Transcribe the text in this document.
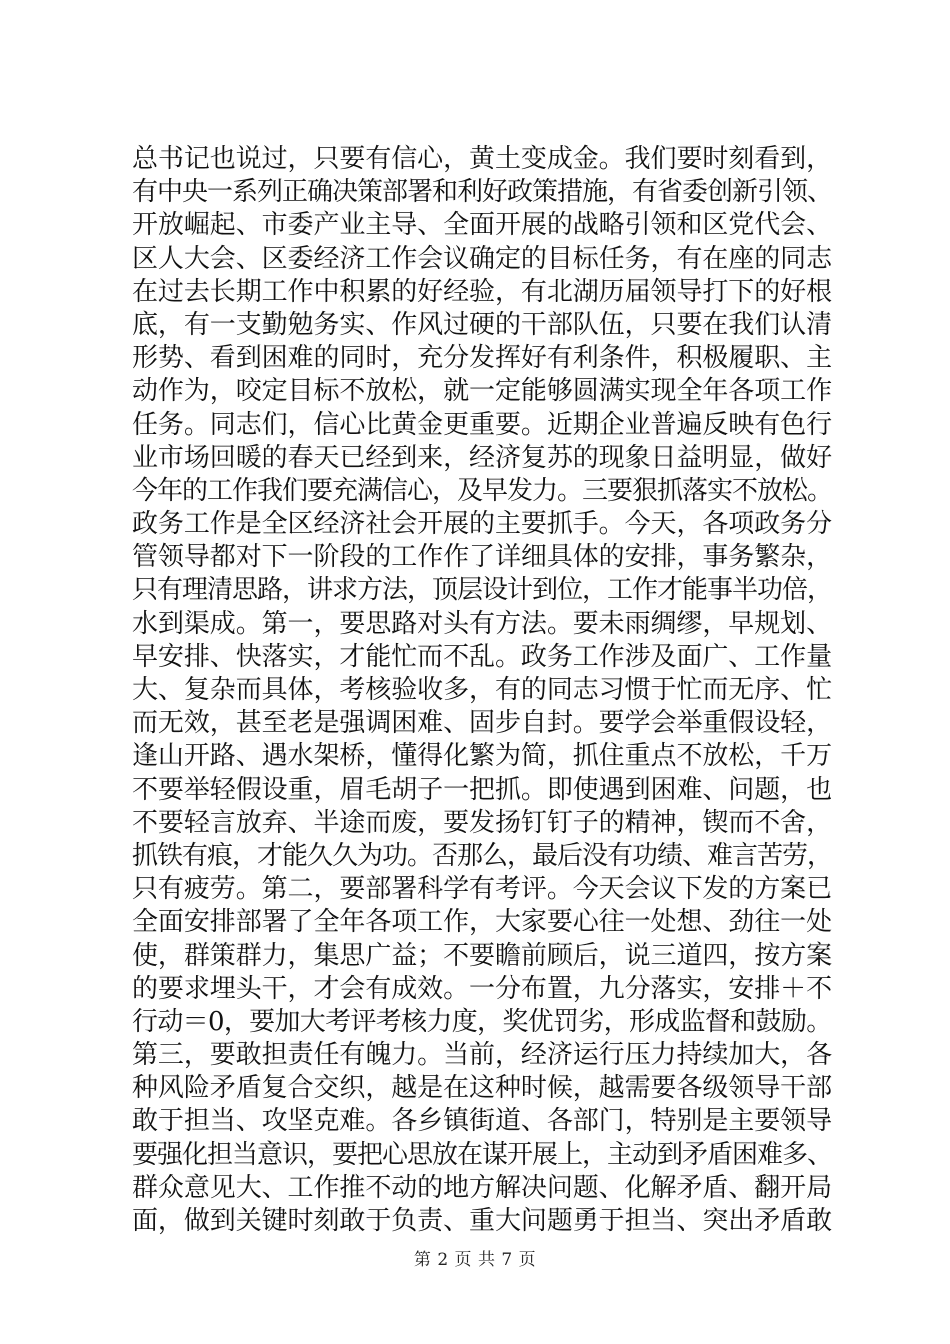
总书记也说过，只要有信心，黄土变成金。我们要时刻看到，
有中央一系列正确决策部署和利好政策措施，有省委创新引领、
开放崛起、市委产业主导、全面开展的战略引领和区党代会、
区人大会、区委经济工作会议确定的目标任务，有在座的同志
在过去长期工作中积累的好经验，有北湖历届领导打下的好根
底，有一支勤勉务实、作风过硬的干部队伍，只要在我们认清
形势、看到困难的同时，充分发挥好有利条件，积极履职、主
动作为，咬定目标不放松，就一定能够圆满实现全年各项工作
任务。同志们，信心比黄金更重要。近期企业普遍反映有色行
业市场回暖的春天已经到来，经济复苏的现象日益明显，做好
今年的工作我们要充满信心，及早发力。三要狠抓落实不放松。
政务工作是全区经济社会开展的主要抓手。今天，各项政务分
管领导都对下一阶段的工作作了详细具体的安排，事务繁杂，
只有理清思路，讲求方法，顶层设计到位，工作才能事半功倍，
水到渠成。第一，要思路对头有方法。要未雨绸缪，早规划、
早安排、快落实，才能忙而不乱。政务工作涉及面广、工作量
大、复杂而具体，考核验收多，有的同志习惯于忙而无序、忙
而无效，甚至老是强调困难、固步自封。要学会举重假设轻，
逢山开路、遇水架桥，懂得化繁为简，抓住重点不放松，千万
不要举轻假设重，眉毛胡子一把抓。即使遇到困难、问题，也
不要轻言放弃、半途而废，要发扬钉钉子的精神，锲而不舍，
抓铁有痕，才能久久为功。否那么，最后没有功绩、难言苦劳，
只有疲劳。第二，要部署科学有考评。今天会议下发的方案已
全面安排部署了全年各项工作，大家要心往一处想、劲往一处
使，群策群力，集思广益；不要瞻前顾后，说三道四，按方案
的要求埋头干，才会有成效。一分布置，九分落实，安排＋不
行动＝0，要加大考评考核力度，奖优罚劣，形成监督和鼓励。
第三，要敢担责任有魄力。当前，经济运行压力持续加大，各
种风险矛盾复合交织，越是在这种时候，越需要各级领导干部
敢于担当、攻坚克难。各乡镇街道、各部门，特别是主要领导
要强化担当意识，要把心思放在谋开展上，主动到矛盾困难多、
群众意见大、工作推不动的地方解决问题、化解矛盾、翻开局
面，做到关键时刻敢于负责、重大问题勇于担当、突出矛盾敢
第 2 页 共 7 页
